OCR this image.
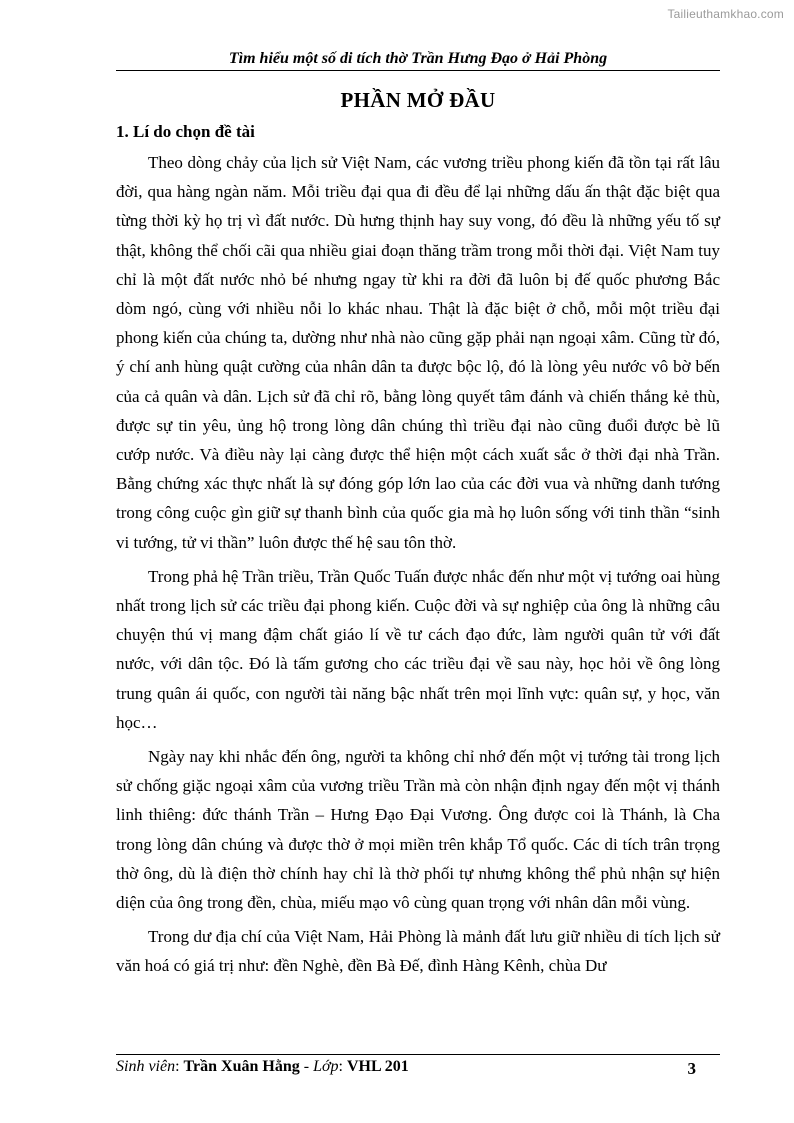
Tailieuthamkhao.com
Tìm hiểu một số di tích thờ Trần Hưng Đạo ở Hải Phòng
PHẦN MỞ ĐẦU
1. Lí do chọn đề tài

Theo dòng chảy của lịch sử Việt Nam, các vương triều phong kiến đã tồn tại rất lâu đời, qua hàng ngàn năm. Mỗi triều đại qua đi đều để lại những dấu ấn thật đặc biệt qua từng thời kỳ họ trị vì đất nước. Dù hưng thịnh hay suy vong, đó đều là những yếu tố sự thật, không thể chối cãi qua nhiều giai đoạn thăng trầm trong mỗi thời đại. Việt Nam tuy chỉ là một đất nước nhỏ bé nhưng ngay từ khi ra đời đã luôn bị đế quốc phương Bắc dòm ngó, cùng với nhiều nỗi lo khác nhau. Thật là đặc biệt ở chỗ, mỗi một triều đại phong kiến của chúng ta, dường như nhà nào cũng gặp phải nạn ngoại xâm. Cũng từ đó, ý chí anh hùng quật cường của nhân dân ta được bộc lộ, đó là lòng yêu nước vô bờ bến của cả quân và dân. Lịch sử đã chỉ rõ, bằng lòng quyết tâm đánh và chiến thắng kẻ thù, được sự tin yêu, ủng hộ trong lòng dân chúng thì triều đại nào cũng đuổi được bè lũ cướp nước. Và điều này lại càng được thể hiện một cách xuất sắc ở thời đại nhà Trần. Bằng chứng xác thực nhất là sự đóng góp lớn lao của các đời vua và những danh tướng trong công cuộc gìn giữ sự thanh bình của quốc gia mà họ luôn sống với tinh thần “sinh vi tướng, tử vi thần” luôn được thế hệ sau tôn thờ.

Trong phả hệ Trần triều, Trần Quốc Tuấn được nhắc đến như một vị tướng oai hùng nhất trong lịch sử các triều đại phong kiến. Cuộc đời và sự nghiệp của ông là những câu chuyện thú vị mang đậm chất giáo lí về tư cách đạo đức, làm người quân tử với đất nước, với dân tộc. Đó là tấm gương cho các triều đại về sau này, học hỏi về ông lòng trung quân ái quốc, con người tài năng bậc nhất trên mọi lĩnh vực: quân sự, y học, văn học…

Ngày nay khi nhắc đến ông, người ta không chỉ nhớ đến một vị tướng tài trong lịch sử chống giặc ngoại xâm của vương triều Trần mà còn nhận định ngay đến một vị thánh linh thiêng: đức thánh Trần – Hưng Đạo Đại Vương. Ông được coi là Thánh, là Cha trong lòng dân chúng và được thờ ở mọi miền trên khắp Tổ quốc. Các di tích trân trọng thờ ông, dù là điện thờ chính hay chỉ là thờ phối tự nhưng không thể phủ nhận sự hiện diện của ông trong đền, chùa, miếu mạo vô cùng quan trọng với nhân dân mỗi vùng.

Trong dư địa chí của Việt Nam, Hải Phòng là mảnh đất lưu giữ nhiều di tích lịch sử văn hoá có giá trị như: đền Nghè, đền Bà Đế, đình Hàng Kênh, chùa Dư

Sinh viên: Trần Xuân Hằng - Lớp: VHL 201	3
